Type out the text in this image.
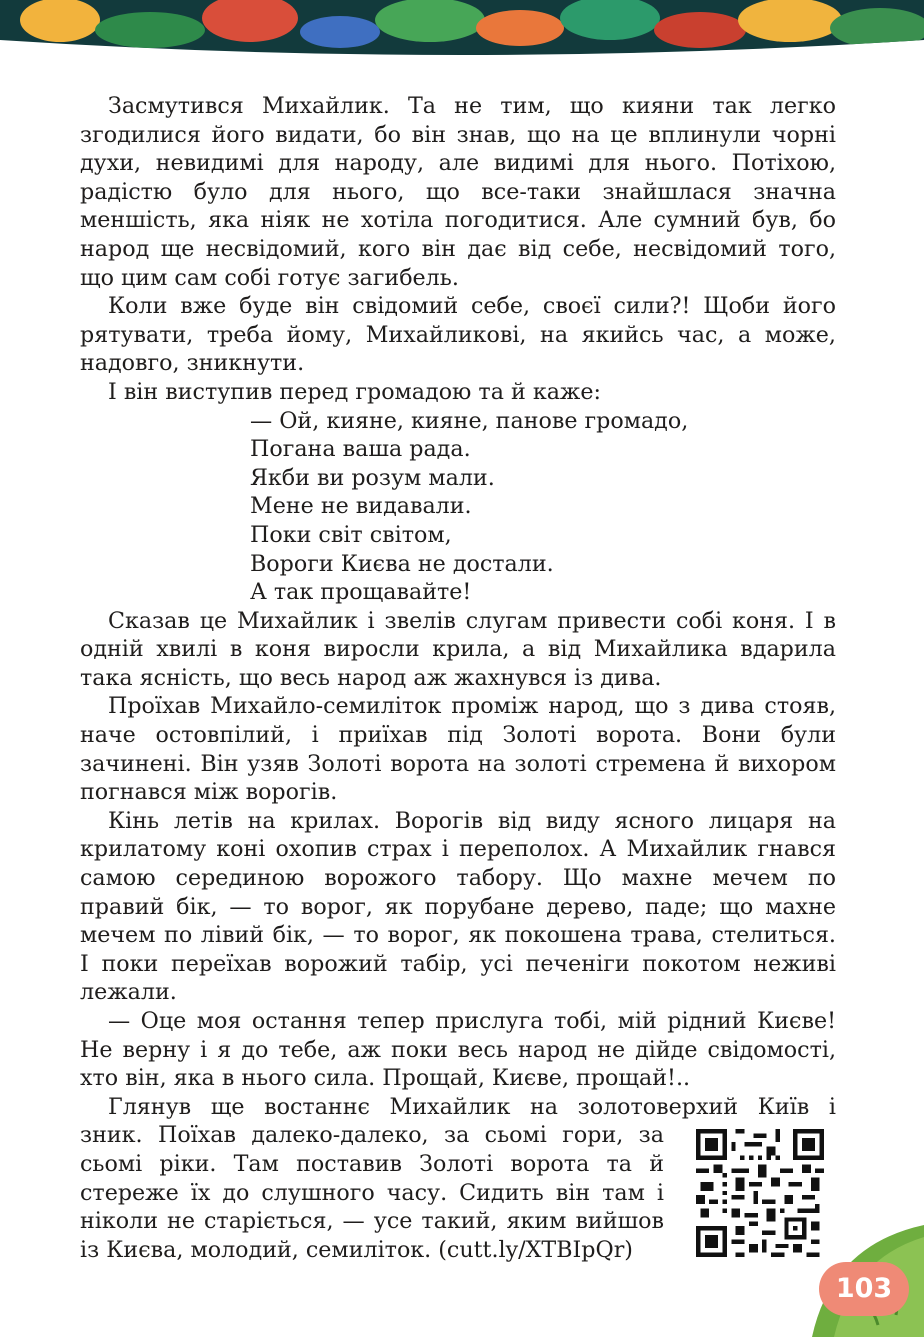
Засмутився Михайлик. Та не тим, що кияни так легко згодилися його видати, бо він знав, що на це вплинули чорні духи, невидимі для народу, але видимі для нього. Потіхою, радістю було для нього, що все-таки знайшлася значна меншість, яка ніяк не хотіла погодитися. Але сумний був, бо народ ще несвідомий, кого він дає від себе, несвідомий того, що цим сам собі готує загибель.

Коли вже буде він свідомий себе, своєї сили?! Щоби його рятувати, треба йому, Михайликові, на якийсь час, а може, надовго, зникнути.

І він виступив перед громадою та й каже:

— Ой, кияне, кияне, панове громадо,
Погана ваша рада.
Якби ви розум мали.
Мене не видавали.
Поки світ світом,
Вороги Києва не достали.
А так прощавайте!

Сказав це Михайлик і звелів слугам привести собі коня. І в одній хвилі в коня виросли крила, а від Михайлика вдарила така ясність, що весь народ аж жахнувся із дива.

Проїхав Михайло-семиліток проміж народ, що з дива стояв, наче остовпілий, і приїхав під Золоті ворота. Вони були зачинені. Він узяв Золоті ворота на золоті стремена й вихором погнався між ворогів.

Кінь летів на крилах. Ворогів від виду ясного лицаря на крилатому коні охопив страх і переполох. А Михайлик гнався самою серединою ворожого табору. Що махне мечем по правий бік, — то ворог, як порубане дерево, паде; що махне мечем по лівий бік, — то ворог, як покошена трава, стелиться. І поки переїхав ворожий табір, усі печеніги покотом неживі лежали.

— Оце моя остання тепер прислуга тобі, мій рідний Києве! Не верну і я до тебе, аж поки весь народ не дійде свідомості, хто він, яка в нього сила. Прощай, Києве, прощай!..

Глянув ще востаннє Михайлик на золотоверхий Київ і

зник. Поїхав далеко-далеко, за сьомі гори, за сьомі ріки. Там поставив Золоті ворота та й стереже їх до слушного часу. Сидить він там і ніколи не старіється, — усе такий, яким вийшов із Києва, молодий, семиліток. (cutt.ly/XTBIpQr)

103
